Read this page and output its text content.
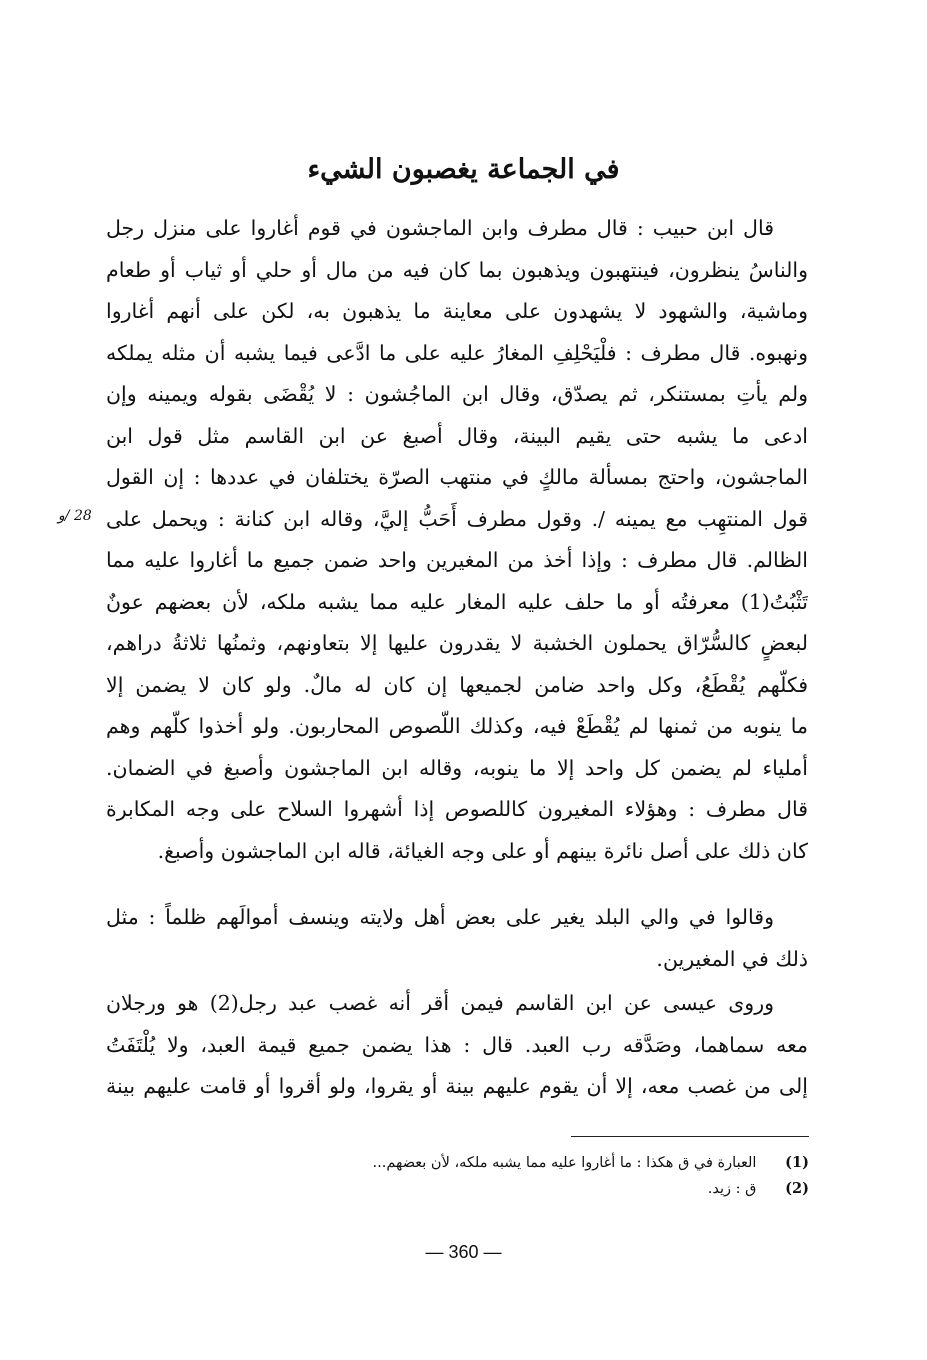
في الجماعة يغصبون الشيء
28 /و
قال ابن حبيب : قال مطرف وابن الماجشون في قوم أغاروا على منزل رجل
والناسُ ينظرون، فينتهبون ويذهبون بما كان فيه من مال أو حلي أو ثياب أو طعام
وماشية، والشهود لا يشهدون على معاينة ما يذهبون به، لكن على أنهم أغاروا
ونهبوه. قال مطرف : فلْيَحْلِفِ المغارُ عليه على ما ادَّعى فيما يشبه أن مثله يملكه
ولم يأتِ بمستنكر، ثم يصدّق، وقال ابن الماجُشون : لا يُقْضَى بقوله ويمينه وإن
ادعى ما يشبه حتى يقيم البينة، وقال أصبغ عن ابن القاسم مثل قول ابن
الماجشون، واحتج بمسألة مالكٍ في منتهب الصرّة يختلفان في عددها : إن القول
قول المنتهِب مع يمينه /. وقول مطرف أَحَبُّ إليَّ، وقاله ابن كنانة : ويحمل على
الظالم. قال مطرف : وإذا أخذ من المغيرين واحد ضمن جميع ما أغاروا عليه مما
تَثْبُتُ(1) معرفتُه أو ما حلف عليه المغار عليه مما يشبه ملكه، لأن بعضهم عونٌ
لبعضٍ كالسُّرّاق يحملون الخشبة لا يقدرون عليها إلا بتعاونهم، وثمنُها ثلاثةُ دراهم،
فكلّهم يُقْطَعُ، وكل واحد ضامن لجميعها إن كان له مالٌ. ولو كان لا يضمن إلا
ما ينوبه من ثمنها لم يُقْطَعْ فيه، وكذلك اللّصوص المحاربون. ولو أخذوا كلّهم وهم
أملياء لم يضمن كل واحد إلا ما ينوبه، وقاله ابن الماجشون وأصبغ في الضمان.
قال مطرف : وهؤلاء المغيرون كاللصوص إذا أشهروا السلاح على وجه المكابرة
كان ذلك على أصل نائرة بينهم أو على وجه الغيائة، قاله ابن الماجشون وأصبغ.
وقالوا في والي البلد يغير على بعض أهل ولايته وينسف أموالَهم ظلماً : مثل
ذلك في المغيرين.
وروى عيسى عن ابن القاسم فيمن أقر أنه غصب عبد رجل(2) هو ورجلان
معه سماهما، وصَدَّقه رب العبد. قال : هذا يضمن جميع قيمة العبد، ولا يُلْتَفَتُ
إلى من غصب معه، إلا أن يقوم عليهم بينة أو يقروا، ولو أقروا أو قامت عليهم بينة
(1) العبارة في ق هكذا : ما أغاروا عليه مما يشبه ملكه، لأن بعضهم...
(2) ق : زيد.
— 360 —
